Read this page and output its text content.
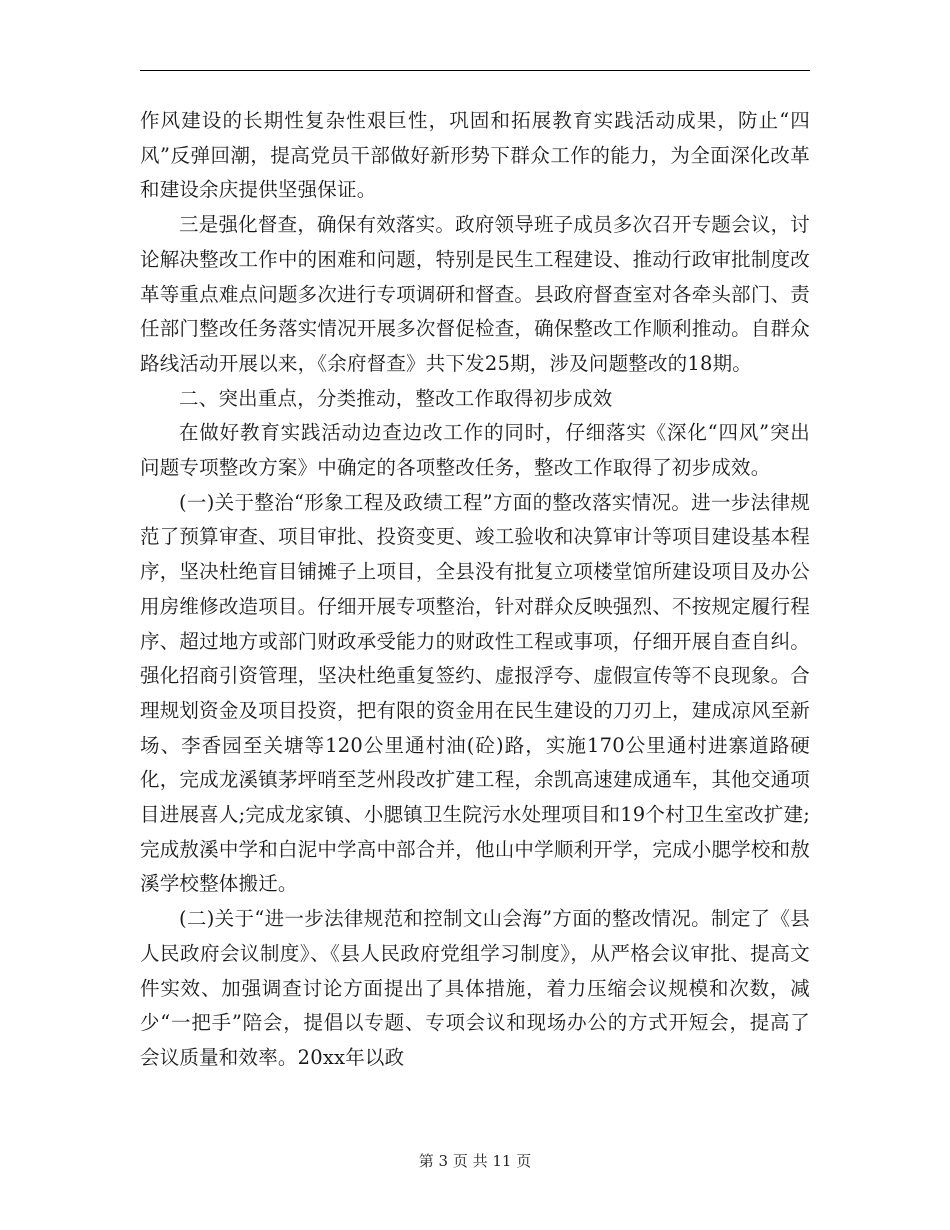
作风建设的长期性复杂性艰巨性，巩固和拓展教育实践活动成果，防止“四风”反弹回潮，提高党员干部做好新形势下群众工作的能力，为全面深化改革和建设余庆提供坚强保证。

三是强化督查，确保有效落实。政府领导班子成员多次召开专题会议，讨论解决整改工作中的困难和问题，特别是民生工程建设、推动行政审批制度改革等重点难点问题多次进行专项调研和督查。县政府督查室对各牵头部门、责任部门整改任务落实情况开展多次督促检查，确保整改工作顺利推动。自群众路线活动开展以来，《余府督查》共下发25期，涉及问题整改的18期。

二、突出重点，分类推动，整改工作取得初步成效

在做好教育实践活动边查边改工作的同时，仔细落实《深化“四风”突出问题专项整改方案》中确定的各项整改任务，整改工作取得了初步成效。

(一)关于整治“形象工程及政绩工程”方面的整改落实情况。进一步法律规范了预算审查、项目审批、投资变更、竣工验收和决算审计等项目建设基本程序，坚决杜绝盲目铺摊子上项目，全县没有批复立项楼堂馆所建设项目及办公用房维修改造项目。仔细开展专项整治，针对群众反映强烈、不按规定履行程序、超过地方或部门财政承受能力的财政性工程或事项，仔细开展自查自纠。强化招商引资管理，坚决杜绝重复签约、虚报浮夸、虚假宣传等不良现象。合理规划资金及项目投资，把有限的资金用在民生建设的刀刃上，建成凉风至新场、李香园至关塘等120公里通村油(砼)路，实施170公里通村进寨道路硬化，完成龙溪镇茅坪哨至芝州段改扩建工程，余凯高速建成通车，其他交通项目进展喜人;完成龙家镇、小腮镇卫生院污水处理项目和19个村卫生室改扩建;完成敖溪中学和白泥中学高中部合并，他山中学顺利开学，完成小腮学校和敖溪学校整体搬迁。

(二)关于“进一步法律规范和控制文山会海”方面的整改情况。制定了《县人民政府会议制度》、《县人民政府党组学习制度》，从严格会议审批、提高文件实效、加强调查讨论方面提出了具体措施，着力压缩会议规模和次数，减少“一把手”陪会，提倡以专题、专项会议和现场办公的方式开短会，提高了会议质量和效率。20xx年以政

第 3 页 共 11 页
